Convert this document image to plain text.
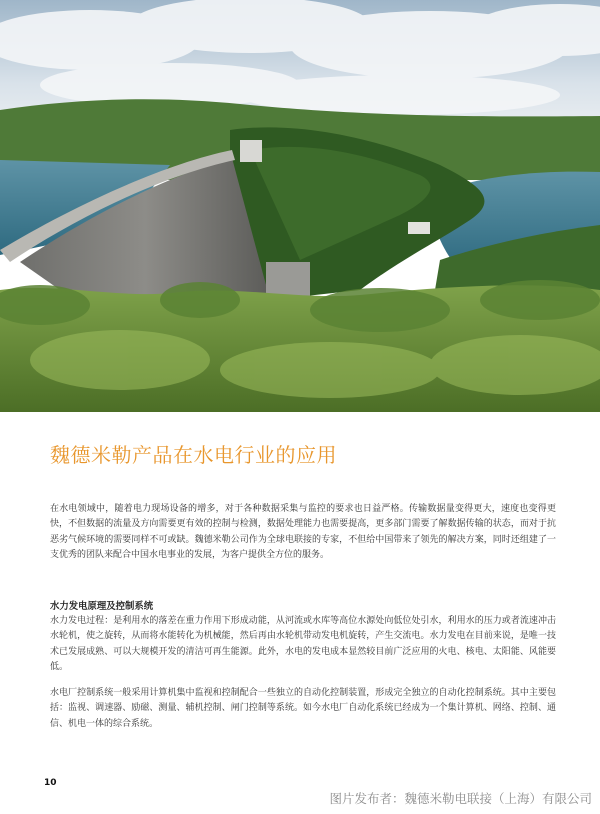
魏德米勒产品在水电行业的应用

在水电领域中，随着电力现场设备的增多，对于各种数据采集与监控的要求也日益严格。传输数据量变得更大，速度也变得更快，不但数据的流量及方向需要更有效的控制与检测，数据处理能力也需要提高，更多部门需要了解数据传输的状态，而对于抗恶劣气候环境的需要同样不可或缺。魏德米勒公司作为全球电联接的专家，不但给中国带来了领先的解决方案，同时还组建了一支优秀的团队来配合中国水电事业的发展，为客户提供全方位的服务。

水力发电原理及控制系统

水力发电过程：是利用水的落差在重力作用下形成动能，从河流或水库等高位水源处向低位处引水，利用水的压力或者流速冲击水轮机，使之旋转，从而将水能转化为机械能，然后再由水轮机带动发电机旋转，产生交流电。水力发电在目前来说，是唯一技术已发展成熟、可以大规模开发的清洁可再生能源。此外，水电的发电成本显然较目前广泛应用的火电、核电、太阳能、风能要低。

水电厂控制系统一般采用计算机集中监视和控制配合一些独立的自动化控制装置，形成完全独立的自动化控制系统。其中主要包括：监视、调速器、励磁、测量、辅机控制、闸门控制等系统。如今水电厂自动化系统已经成为一个集计算机、网络、控制、通信、机电一体的综合系统。

10
图片发布者：魏德米勒电联接（上海）有限公司
